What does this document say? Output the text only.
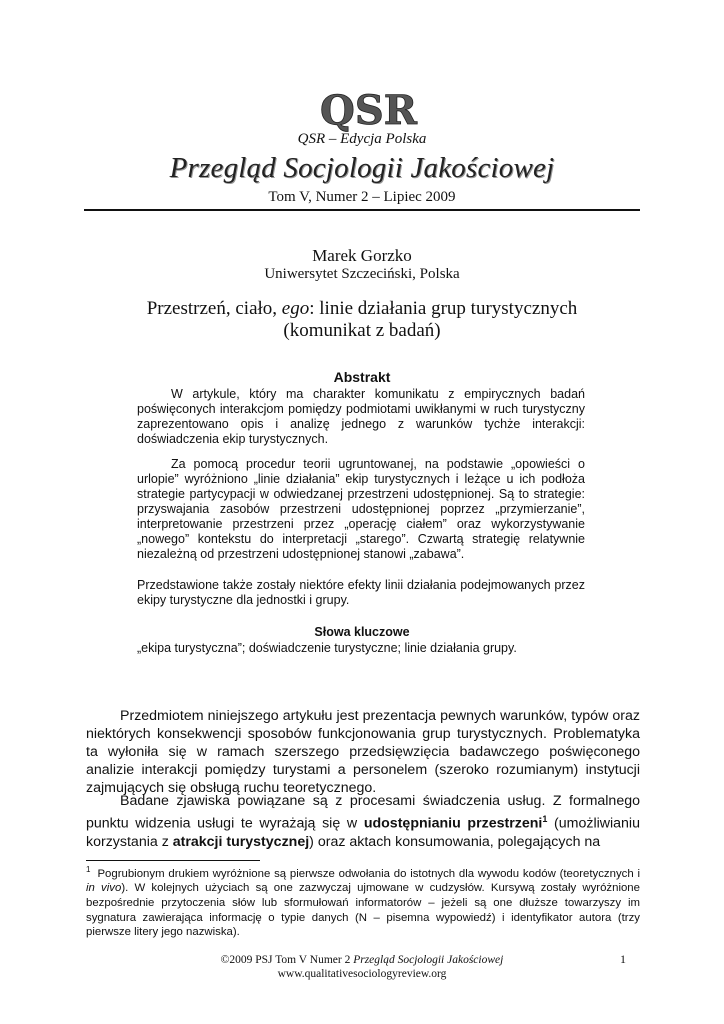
QSR
QSR – Edycja Polska
Przegląd Socjologii Jakościowej
Tom V, Numer 2 – Lipiec 2009
Marek Gorzko
Uniwersytet Szczeciński, Polska
Przestrzeń, ciało, ego: linie działania grup turystycznych
(komunikat z badań)
Abstrakt
W artykule, który ma charakter komunikatu z empirycznych badań poświęconych interakcjom pomiędzy podmiotami uwikłanymi w ruch turystyczny zaprezentowano opis i analizę jednego z warunków tychże interakcji: doświadczenia ekip turystycznych.
Za pomocą procedur teorii ugruntowanej, na podstawie „opowieści o urlopie” wyróżniono „linie działania” ekip turystycznych i leżące u ich podłoża strategie partycypacji w odwiedzanej przestrzeni udostępnionej. Są to strategie: przyswajania zasobów przestrzeni udostępnionej poprzez „przymierzanie”, interpretowanie przestrzeni przez „operację ciałem” oraz wykorzystywanie „nowego” kontekstu do interpretacji „starego”. Czwartą strategię relatywnie niezależną od przestrzeni udostępnionej stanowi „zabawa”.
Przedstawione także zostały niektóre efekty linii działania podejmowanych przez ekipy turystyczne dla jednostki i grupy.
Słowa kluczowe
„ekipa turystyczna”; doświadczenie turystyczne; linie działania grupy.
Przedmiotem niniejszego artykułu jest prezentacja pewnych warunków, typów oraz niektórych konsekwencji sposobów funkcjonowania grup turystycznych. Problematyka ta wyłoniła się w ramach szerszego przedsięwzięcia badawczego poświęconego analizie interakcji pomiędzy turystami a personelem (szeroko rozumianym) instytucji zajmujących się obsługą ruchu teoretycznego.
Badane zjawiska powiązane są z procesami świadczenia usług. Z formalnego punktu widzenia usługi te wyrażają się w udostępnianiu przestrzeni$^1$ (umożliwianiu korzystania z atrakcji turystycznej) oraz aktach konsumowania, polegających na
$^1$ Pogrubionym drukiem wyróżnione są pierwsze odwołania do istotnych dla wywodu kodów (teoretycznych i in vivo). W kolejnych użyciach są one zazwyczaj ujmowane w cudzysłów. Kursywą zostały wyróżnione bezpośrednie przytoczenia słów lub sformułowań informatorów – jeżeli są one dłuższe towarzyszy im sygnatura zawierająca informację o typie danych (N – pisemna wypowiedź) i identyfikator autora (trzy pierwsze litery jego nazwiska).
©2009 PSJ Tom V Numer 2 Przegląd Socjologii Jakościowej
www.qualitativesociologyreview.org
1
